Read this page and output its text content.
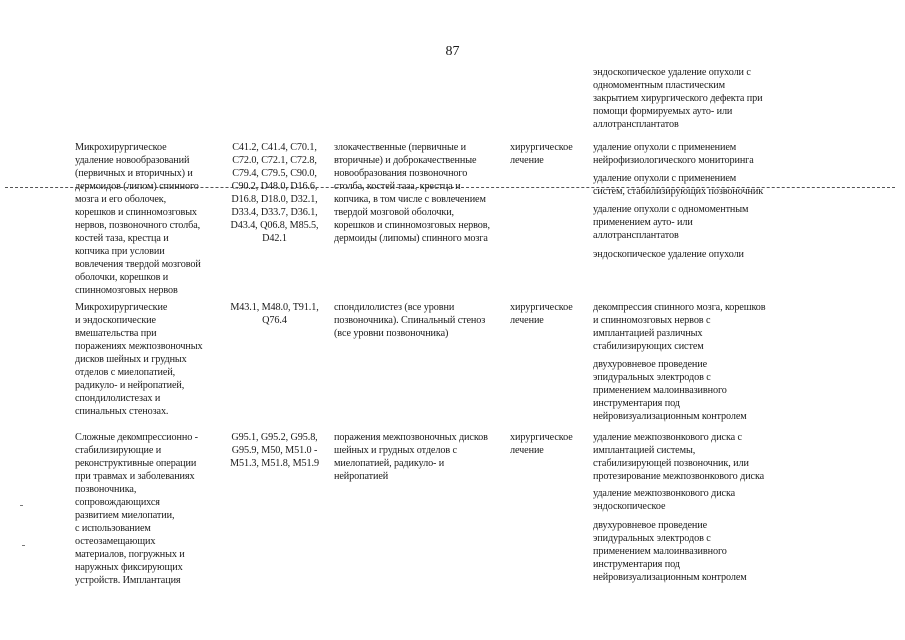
87
эндоскопическое удаление опухоли с
одномоментным пластическим
закрытием хирургического дефекта при
помощи формируемых ауто- или
аллотрансплантатов
Микрохирургическое
удаление новообразований
(первичных и вторичных) и
дермоидов (липом) спинного
мозга и его оболочек,
корешков и спинномозговых
нервов, позвоночного столба,
костей таза, крестца и
копчика при условии
вовлечения твердой мозговой
оболочки, корешков и
спинномозговых нервов
C41.2, C41.4, C70.1,
C72.0, C72.1, C72.8,
C79.4, C79.5, C90.0,
C90.2, D48.0, D16.6,
D16.8, D18.0, D32.1,
D33.4, D33.7, D36.1,
D43.4, Q06.8, M85.5,
D42.1
злокачественные (первичные и
вторичные) и доброкачественные
новообразования позвоночного
столба, костей таза, крестца и
копчика, в том числе с вовлечением
твердой мозговой оболочки,
корешков и спинномозговых нервов,
дермоиды (липомы) спинного мозга
хирургическое
лечение
удаление опухоли с применением
нейрофизиологического мониторинга
удаление опухоли с применением
систем, стабилизирующих позвоночник
удаление опухоли с одномоментным
применением ауто- или
аллотрансплантатов
эндоскопическое удаление опухоли
Микрохирургические
и эндоскопические
вмешательства при
поражениях межпозвоночных
дисков шейных и грудных
отделов с миелопатией,
радикуло- и нейропатией,
спондилолистезах и
спинальных стенозах.
M43.1, M48.0, T91.1,
Q76.4
спондилолистез (все уровни
позвоночника). Спинальный стеноз
(все уровни позвоночника)
хирургическое
лечение
декомпрессия спинного мозга, корешков
и спинномозговых нервов с
имплантацией различных
стабилизирующих систем
двухуровневое проведение
эпидуральных электродов с
применением малоинвазивного
инструментария под
нейровизуализационным контролем
Сложные декомпрессионно -
стабилизирующие и
реконструктивные операции
при травмах и заболеваниях
позвоночника,
сопровождающихся
развитием миелопатии,
с использованием
остеозамещающих
материалов, погружных и
наружных фиксирующих
устройств. Имплантация
G95.1, G95.2, G95.8,
G95.9, M50, M51.0 -
M51.3, M51.8, M51.9
поражения межпозвоночных дисков
шейных и грудных отделов с
миелопатией, радикуло- и
нейропатией
хирургическое
лечение
удаление межпозвонкового диска с
имплантацией системы,
стабилизирующей позвоночник, или
протезирование межпозвонкового диска
удаление межпозвонкового диска
эндоскопическое
двухуровневое проведение
эпидуральных электродов с
применением малоинвазивного
инструментария под
нейровизуализационным контролем
